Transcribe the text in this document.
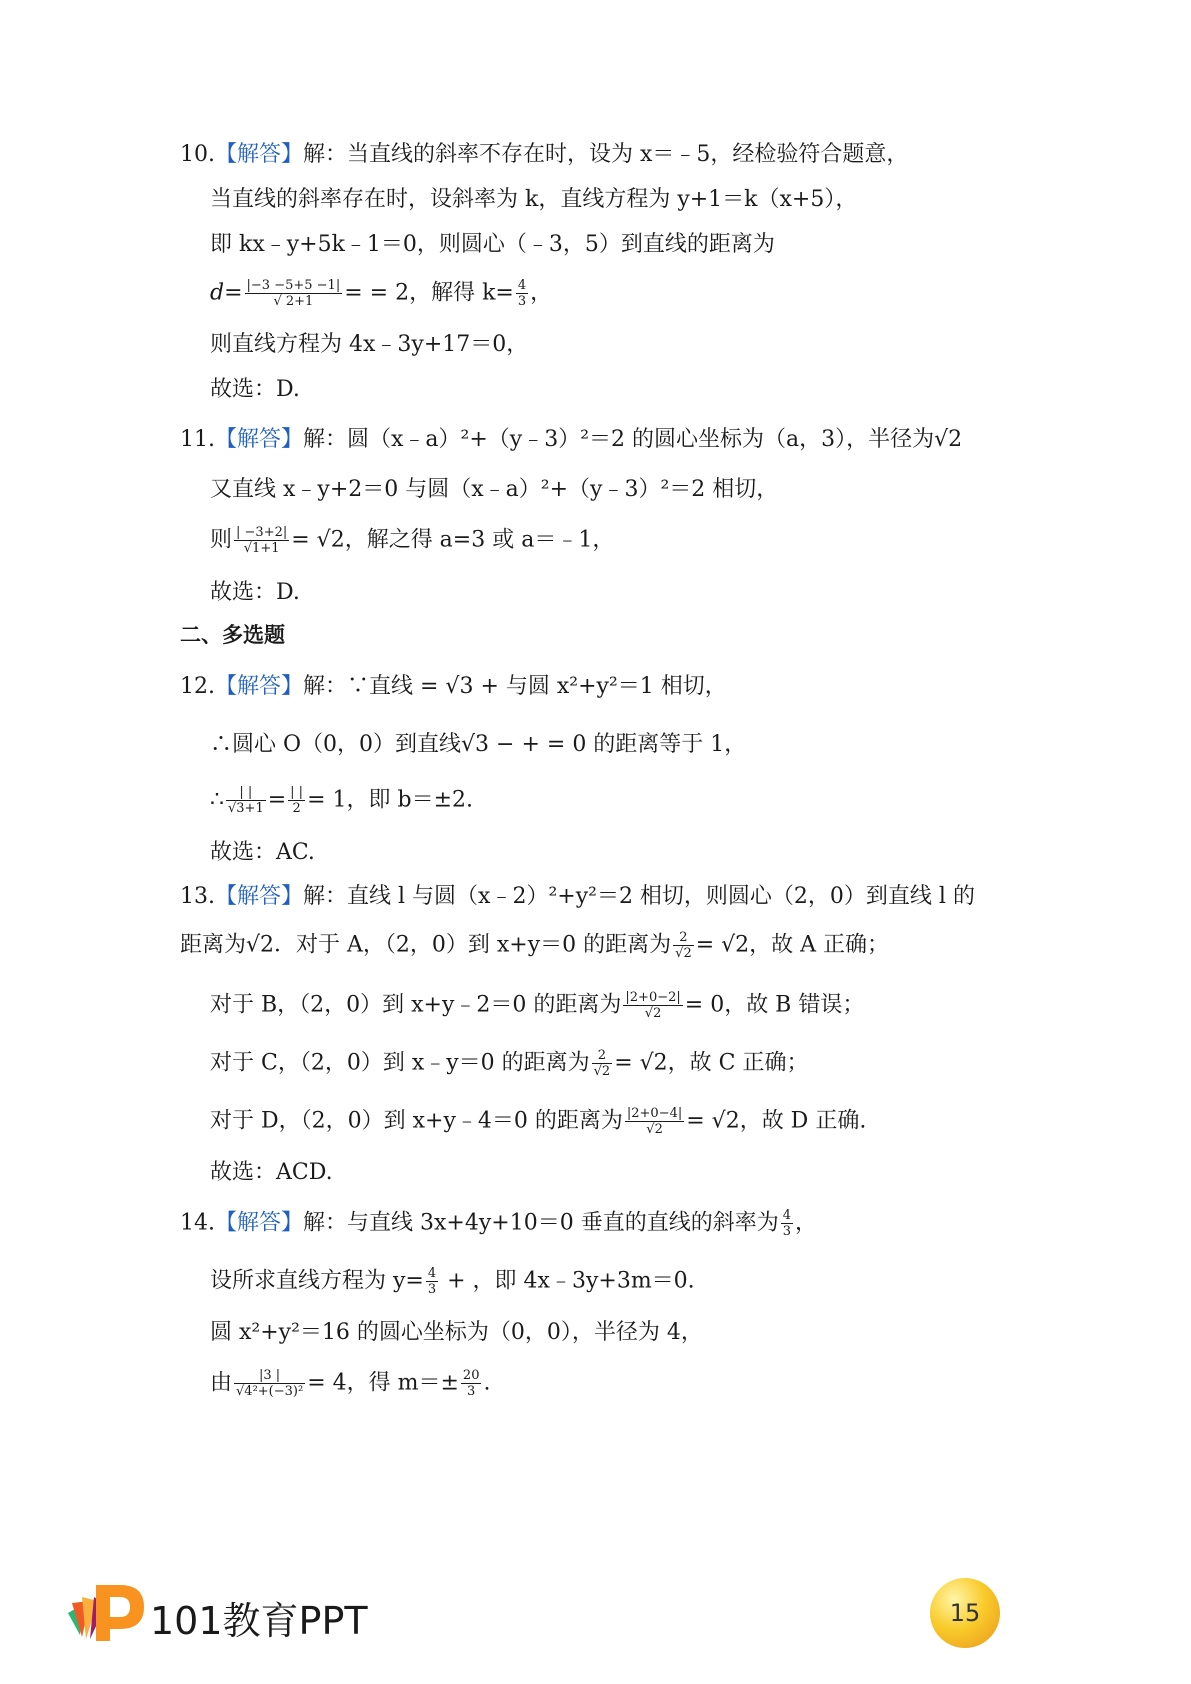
10.【解答】解：当直线的斜率不存在时，设为 x＝﹣5，经检验符合题意，
当直线的斜率存在时，设斜率为 k，直线方程为 y+1＝k（x+5），
即 kx﹣y+5k﹣1＝0，则圆心（﹣3，5）到直线的距离为
$d= \frac{|-3 -5+5 -1|}{√ 2+1}$ = = 2，解得 $k= \frac{4}{3}$ ，
则直线方程为 4x﹣3y+17＝0，
故选：D.
11.【解答】解：圆（x﹣a）²+（y﹣3）²＝2 的圆心坐标为（a，3），半径为√2
又直线 x﹣y+2＝0 与圆（x﹣a）²+（y﹣3）²＝2 相切，
则 $\frac{| -3+2|}{√1+1} = √2$，解之得 a=3 或 a＝﹣1，
故选：D.
二、多选题
12.【解答】解：∵直线 = √3 + 与圆 x²+y²＝1 相切，
∴圆心 O（0，0）到直线√3 − + = 0 的距离等于 1，
∴ $\frac{| |}{√3+1} = \frac{| |}{2} = 1$，即 b＝±2.
故选：AC.
13.【解答】解：直线 l 与圆（x﹣2）²+y²＝2 相切，则圆心（2，0）到直线 l 的
距离为√2．对于 A，（2，0）到 x+y＝0 的距离为 $\frac{2}{√2} = √2$，故 A 正确；
对于 B，（2，0）到 x+y﹣2＝0 的距离为 $\frac{|2+0-2|}{√2} = 0$，故 B 错误；
对于 C，（2，0）到 x﹣y＝0 的距离为 $\frac{2}{√2} = √2$，故 C 正确；
对于 D，（2，0）到 x+y﹣4＝0 的距离为 $\frac{|2+0-4|}{√2} = √2$，故 D 正确.
故选：ACD.
14.【解答】解：与直线 3x+4y+10＝0 垂直的直线的斜率为 $\frac{4}{3}$ ，
设所求直线方程为 $y= \frac{4}{3}$ + ，即 4x﹣3y+3m＝0.
圆 x²+y²＝16 的圆心坐标为（0，0），半径为 4，
由 $\frac{|3 |}{\text{√4²+(−3)²}} = 4$，得 $m=\pm \frac{20}{3}$ .
101教育PPT	15
